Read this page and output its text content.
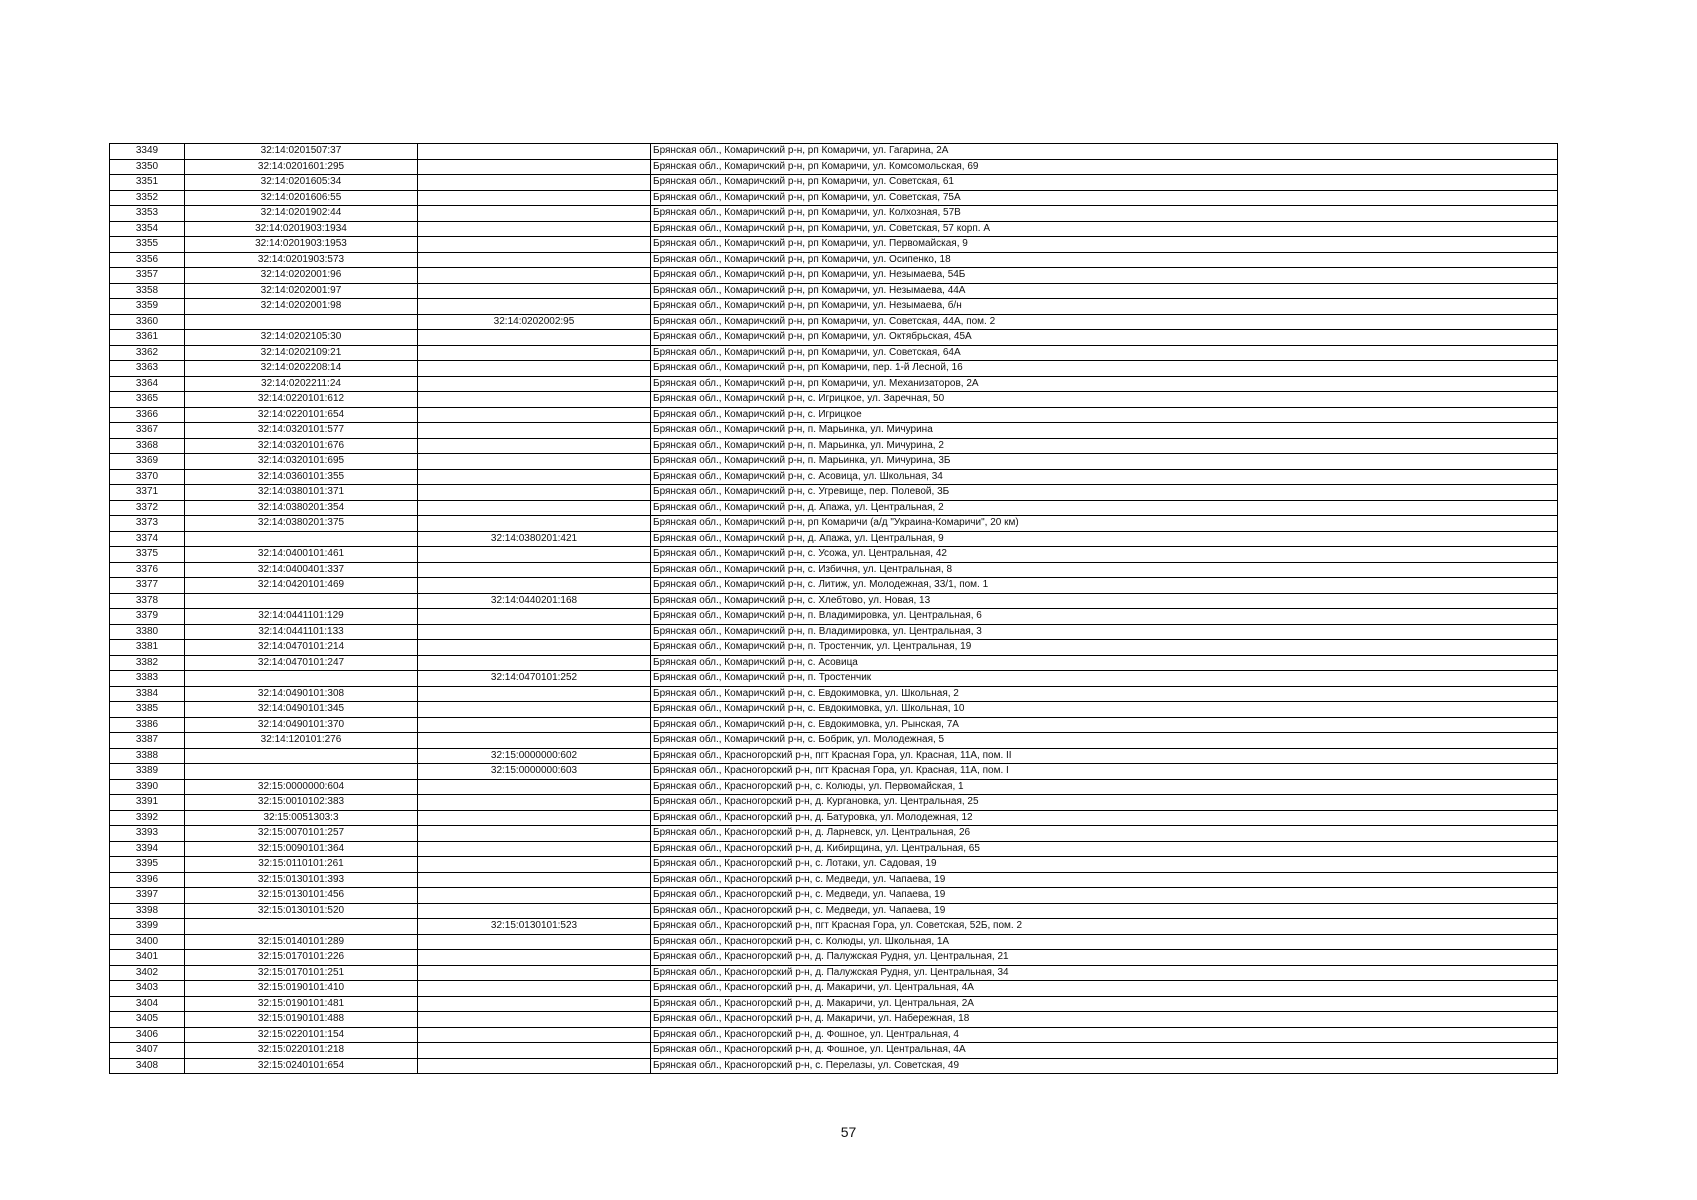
3349	32:14:0201507:37		Брянская обл., Комаричский р-н, рп Комаричи, ул. Гагарина, 2А
3350	32:14:0201601:295		Брянская обл., Комаричский р-н, рп Комаричи, ул. Комсомольская, 69
3351	32:14:0201605:34		Брянская обл., Комаричский р-н, рп Комаричи, ул. Советская, 61
3352	32:14:0201606:55		Брянская обл., Комаричский р-н, рп Комаричи, ул. Советская, 75А
3353	32:14:0201902:44		Брянская обл., Комаричский р-н, рп Комаричи, ул. Колхозная, 57В
3354	32:14:0201903:1934		Брянская обл., Комаричский р-н, рп Комаричи, ул. Советская, 57 корп. А
3355	32:14:0201903:1953		Брянская обл., Комаричский р-н, рп Комаричи, ул. Первомайская, 9
3356	32:14:0201903:573		Брянская обл., Комаричский р-н, рп Комаричи, ул. Осипенко, 18
3357	32:14:0202001:96		Брянская обл., Комаричский р-н, рп Комаричи, ул. Незымаева, 54Б
3358	32:14:0202001:97		Брянская обл., Комаричский р-н, рп Комаричи, ул. Незымаева, 44А
3359	32:14:0202001:98		Брянская обл., Комаричский р-н, рп Комаричи, ул. Незымаева, б/н
3360		32:14:0202002:95	Брянская обл., Комаричский р-н, рп Комаричи, ул. Советская, 44А, пом. 2
3361	32:14:0202105:30		Брянская обл., Комаричский р-н, рп Комаричи, ул. Октябрьская, 45А
3362	32:14:0202109:21		Брянская обл., Комаричский р-н, рп Комаричи, ул. Советская, 64А
3363	32:14:0202208:14		Брянская обл., Комаричский р-н, рп Комаричи, пер. 1-й Лесной, 16
3364	32:14:0202211:24		Брянская обл., Комаричский р-н, рп Комаричи, ул. Механизаторов, 2А
3365	32:14:0220101:612		Брянская обл., Комаричский р-н, с. Игрицкое, ул. Заречная, 50
3366	32:14:0220101:654		Брянская обл., Комаричский р-н, с. Игрицкое
3367	32:14:0320101:577		Брянская обл., Комаричский р-н, п. Марьинка, ул. Мичурина
3368	32:14:0320101:676		Брянская обл., Комаричский р-н, п. Марьинка, ул. Мичурина, 2
3369	32:14:0320101:695		Брянская обл., Комаричский р-н, п. Марьинка, ул. Мичурина, 3Б
3370	32:14:0360101:355		Брянская обл., Комаричский р-н, с. Асовица, ул. Школьная, 34
3371	32:14:0380101:371		Брянская обл., Комаричский р-н, с. Угревище, пер. Полевой, 3Б
3372	32:14:0380201:354		Брянская обл., Комаричский р-н, д. Апажа, ул. Центральная, 2
3373	32:14:0380201:375		Брянская обл., Комаричский р-н, рп Комаричи (а/д "Украина-Комаричи", 20 км)
3374		32:14:0380201:421	Брянская обл., Комаричский р-н, д. Апажа, ул. Центральная, 9
3375	32:14:0400101:461		Брянская обл., Комаричский р-н, с. Усожа, ул. Центральная, 42
3376	32:14:0400401:337		Брянская обл., Комаричский р-н, с. Избичня, ул. Центральная, 8
3377	32:14:0420101:469		Брянская обл., Комаричский р-н, с. Литиж, ул. Молодежная, 33/1, пом. 1
3378		32:14:0440201:168	Брянская обл., Комаричский р-н, с. Хлебтово, ул. Новая, 13
3379	32:14:0441101:129		Брянская обл., Комаричский р-н, п. Владимировка, ул. Центральная, 6
3380	32:14:0441101:133		Брянская обл., Комаричский р-н, п. Владимировка, ул. Центральная, 3
3381	32:14:0470101:214		Брянская обл., Комаричский р-н, п. Тростенчик, ул. Центральная, 19
3382	32:14:0470101:247		Брянская обл., Комаричский р-н, с. Асовица
3383		32:14:0470101:252	Брянская обл., Комаричский р-н, п. Тростенчик
3384	32:14:0490101:308		Брянская обл., Комаричский р-н, с. Евдокимовка, ул. Школьная, 2
3385	32:14:0490101:345		Брянская обл., Комаричский р-н, с. Евдокимовка, ул. Школьная, 10
3386	32:14:0490101:370		Брянская обл., Комаричский р-н, с. Евдокимовка, ул. Рынская, 7А
3387	32:14:120101:276		Брянская обл., Комаричский р-н, с. Бобрик, ул. Молодежная, 5
3388		32:15:0000000:602	Брянская обл., Красногорский р-н, пгт Красная Гора, ул. Красная, 11А, пом. II
3389		32:15:0000000:603	Брянская обл., Красногорский р-н, пгт Красная Гора, ул. Красная, 11А, пом. I
3390	32:15:0000000:604		Брянская обл., Красногорский р-н, с. Колюды, ул. Первомайская, 1
3391	32:15:0010102:383		Брянская обл., Красногорский р-н, д. Кургановка, ул. Центральная, 25
3392	32:15:0051303:3		Брянская обл., Красногорский р-н, д. Батуровка, ул. Молодежная, 12
3393	32:15:0070101:257		Брянская обл., Красногорский р-н, д. Ларневск, ул. Центральная, 26
3394	32:15:0090101:364		Брянская обл., Красногорский р-н, д. Кибирщина, ул. Центральная, 65
3395	32:15:0110101:261		Брянская обл., Красногорский р-н, с. Лотаки, ул. Садовая, 19
3396	32:15:0130101:393		Брянская обл., Красногорский р-н, с. Медведи, ул. Чапаева, 19
3397	32:15:0130101:456		Брянская обл., Красногорский р-н, с. Медведи, ул. Чапаева, 19
3398	32:15:0130101:520		Брянская обл., Красногорский р-н, с. Медведи, ул. Чапаева, 19
3399		32:15:0130101:523	Брянская обл., Красногорский р-н, пгт Красная Гора, ул. Советская, 52Б, пом. 2
3400	32:15:0140101:289		Брянская обл., Красногорский р-н, с. Колюды, ул. Школьная, 1А
3401	32:15:0170101:226		Брянская обл., Красногорский р-н, д. Палужская Рудня, ул. Центральная, 21
3402	32:15:0170101:251		Брянская обл., Красногорский р-н, д. Палужская Рудня, ул. Центральная, 34
3403	32:15:0190101:410		Брянская обл., Красногорский р-н, д. Макаричи, ул. Центральная, 4А
3404	32:15:0190101:481		Брянская обл., Красногорский р-н, д. Макаричи, ул. Центральная, 2А
3405	32:15:0190101:488		Брянская обл., Красногорский р-н, д. Макаричи, ул. Набережная, 18
3406	32:15:0220101:154		Брянская обл., Красногорский р-н, д. Фошное, ул. Центральная, 4
3407	32:15:0220101:218		Брянская обл., Красногорский р-н, д. Фошное, ул. Центральная, 4А
3408	32:15:0240101:654		Брянская обл., Красногорский р-н, с. Перелазы, ул. Советская, 49
57
